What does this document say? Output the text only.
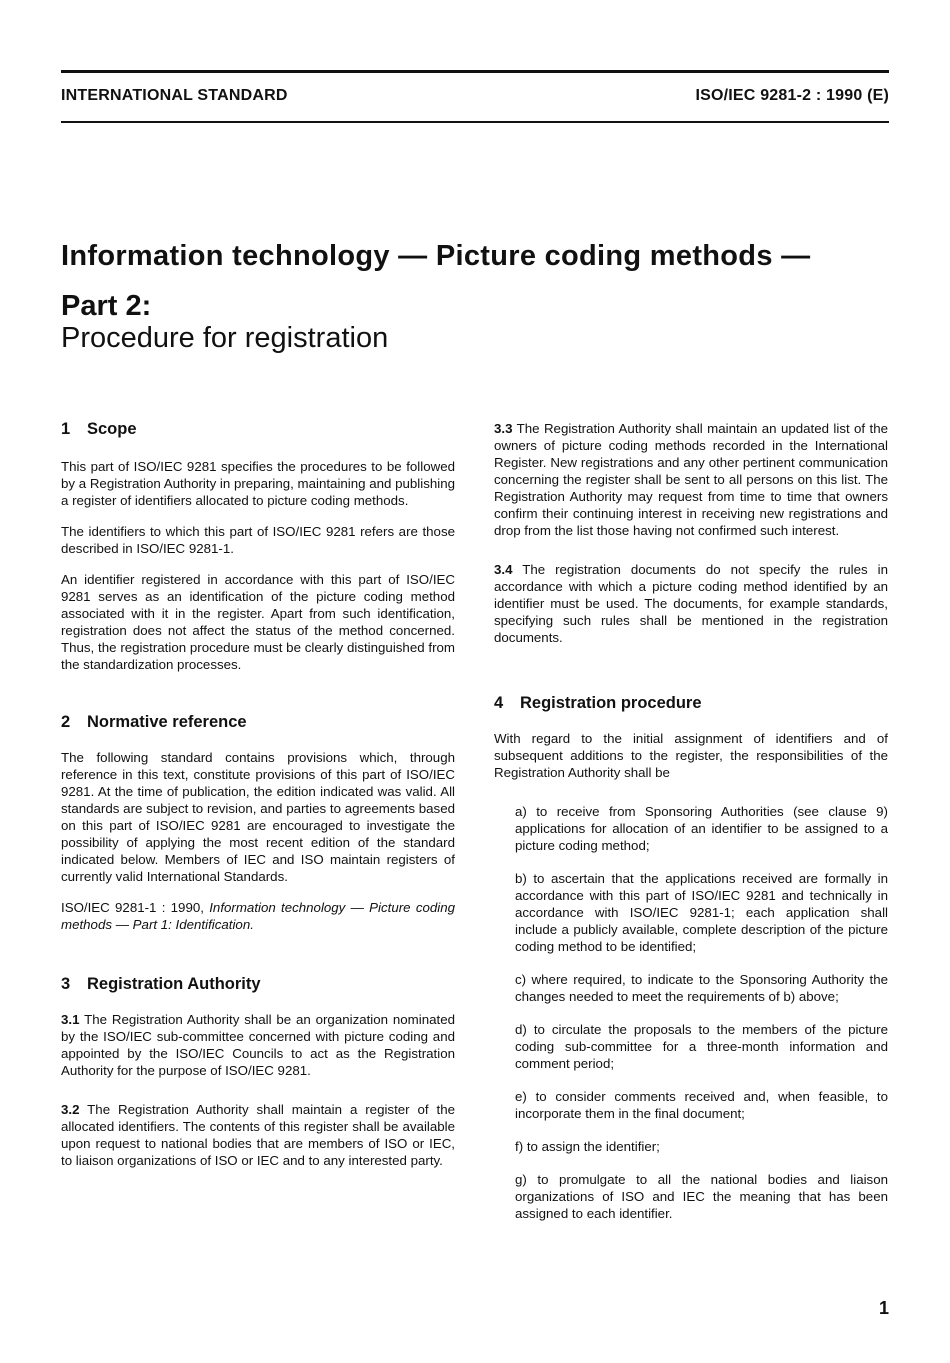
INTERNATIONAL STANDARD	ISO/IEC 9281-2 : 1990 (E)
Information technology — Picture coding methods —
Part 2:
Procedure for registration
1 Scope

This part of ISO/IEC 9281 specifies the procedures to be followed by a Registration Authority in preparing, maintaining and publishing a register of identifiers allocated to picture coding methods.

The identifiers to which this part of ISO/IEC 9281 refers are those described in ISO/IEC 9281-1.

An identifier registered in accordance with this part of ISO/IEC 9281 serves as an identification of the picture coding method associated with it in the register. Apart from such identification, registration does not affect the status of the method concerned. Thus, the registration procedure must be clearly distinguished from the standardization processes.

2 Normative reference

The following standard contains provisions which, through reference in this text, constitute provisions of this part of ISO/IEC 9281. At the time of publication, the edition indicated was valid. All standards are subject to revision, and parties to agreements based on this part of ISO/IEC 9281 are encouraged to investigate the possibility of applying the most recent edition of the standard indicated below. Members of IEC and ISO maintain registers of currently valid International Standards.

ISO/IEC 9281-1 : 1990, Information technology — Picture coding methods — Part 1: Identification.

3 Registration Authority

3.1 The Registration Authority shall be an organization nominated by the ISO/IEC sub-committee concerned with picture coding and appointed by the ISO/IEC Councils to act as the Registration Authority for the purpose of ISO/IEC 9281.

3.2 The Registration Authority shall maintain a register of the allocated identifiers. The contents of this register shall be available upon request to national bodies that are members of ISO or IEC, to liaison organizations of ISO or IEC and to any interested party.

3.3 The Registration Authority shall maintain an updated list of the owners of picture coding methods recorded in the International Register. New registrations and any other pertinent communication concerning the register shall be sent to all persons on this list. The Registration Authority may request from time to time that owners confirm their continuing interest in receiving new registrations and drop from the list those having not confirmed such interest.

3.4 The registration documents do not specify the rules in accordance with which a picture coding method identified by an identifier must be used. The documents, for example standards, specifying such rules shall be mentioned in the registration documents.

4 Registration procedure

With regard to the initial assignment of identifiers and of subsequent additions to the register, the responsibilities of the Registration Authority shall be

a) to receive from Sponsoring Authorities (see clause 9) applications for allocation of an identifier to be assigned to a picture coding method;

b) to ascertain that the applications received are formally in accordance with this part of ISO/IEC 9281 and technically in accordance with ISO/IEC 9281-1; each application shall include a publicly available, complete description of the picture coding method to be identified;

c) where required, to indicate to the Sponsoring Authority the changes needed to meet the requirements of b) above;

d) to circulate the proposals to the members of the picture coding sub-committee for a three-month information and comment period;

e) to consider comments received and, when feasible, to incorporate them in the final document;

f) to assign the identifier;

g) to promulgate to all the national bodies and liaison organizations of ISO and IEC the meaning that has been assigned to each identifier.

1
